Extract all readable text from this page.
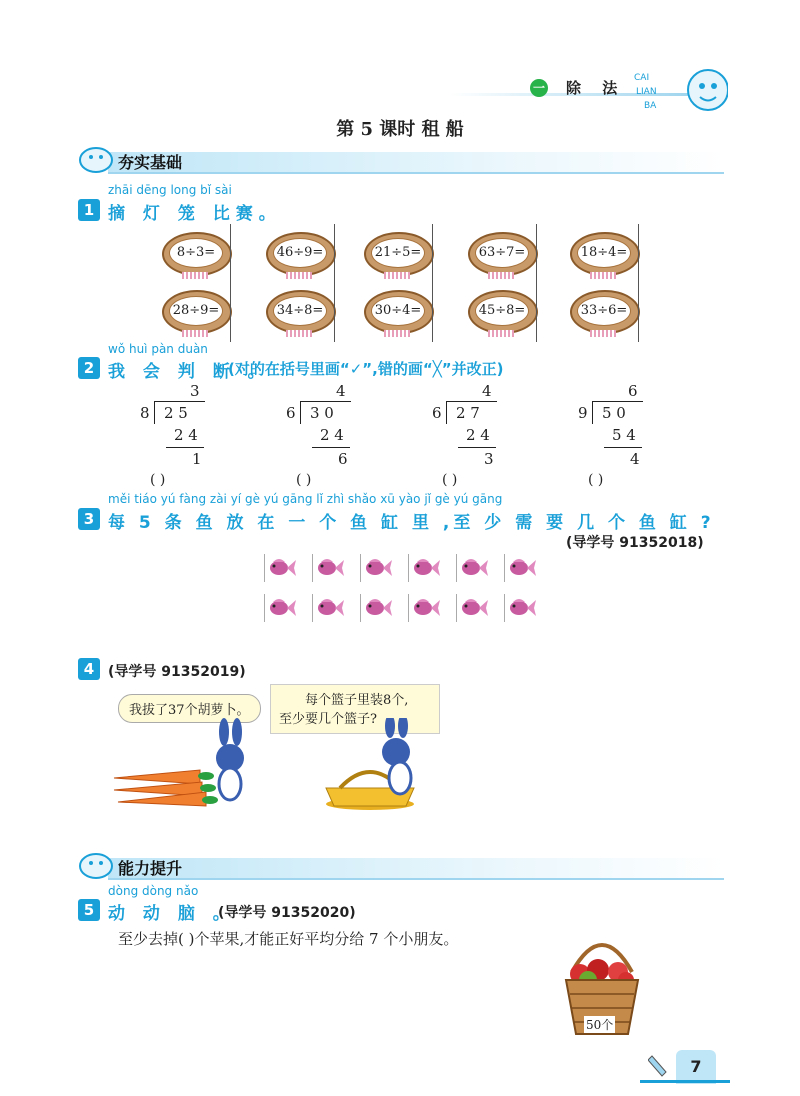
一 除 法
CAI
LIAN
BA
第 5 课时 租 船
夯实基础
zhāi dēng long bǐ sài
1 摘 灯 笼 比赛。
8÷3=	46÷9=	21÷5=	63÷7=	18÷4=
28÷9=	34÷8=	30÷4=	45÷8=	33÷6=
wǒ huì pàn duàn
2 我 会 判 断 。
(对的在括号里画“✓”,错的画“╳”并改正)
3
8 2 5
2 4
1
( )
4
6 3 0
2 4
6
( )
4
6 2 7
2 4
3
( )
6
9 5 0
5 4
4
( )
měi tiáo yú fàng zài yí gè yú gāng lǐ zhì shǎo xū yào jǐ gè yú gāng
3 每 5 条 鱼 放 在 一 个 鱼 缸 里 ,至 少 需 要 几 个 鱼 缸 ?
(导学号 91352018)
4 (导学号 91352019)
我拔了37个胡萝卜。
每个篮子里装8个,
至少要几个篮子?
能力提升
dòng dòng nǎo
5 动 动 脑 。
(导学号 91352020)
至少去掉( )个苹果,才能正好平均分给 7 个小朋友。
50个
7
